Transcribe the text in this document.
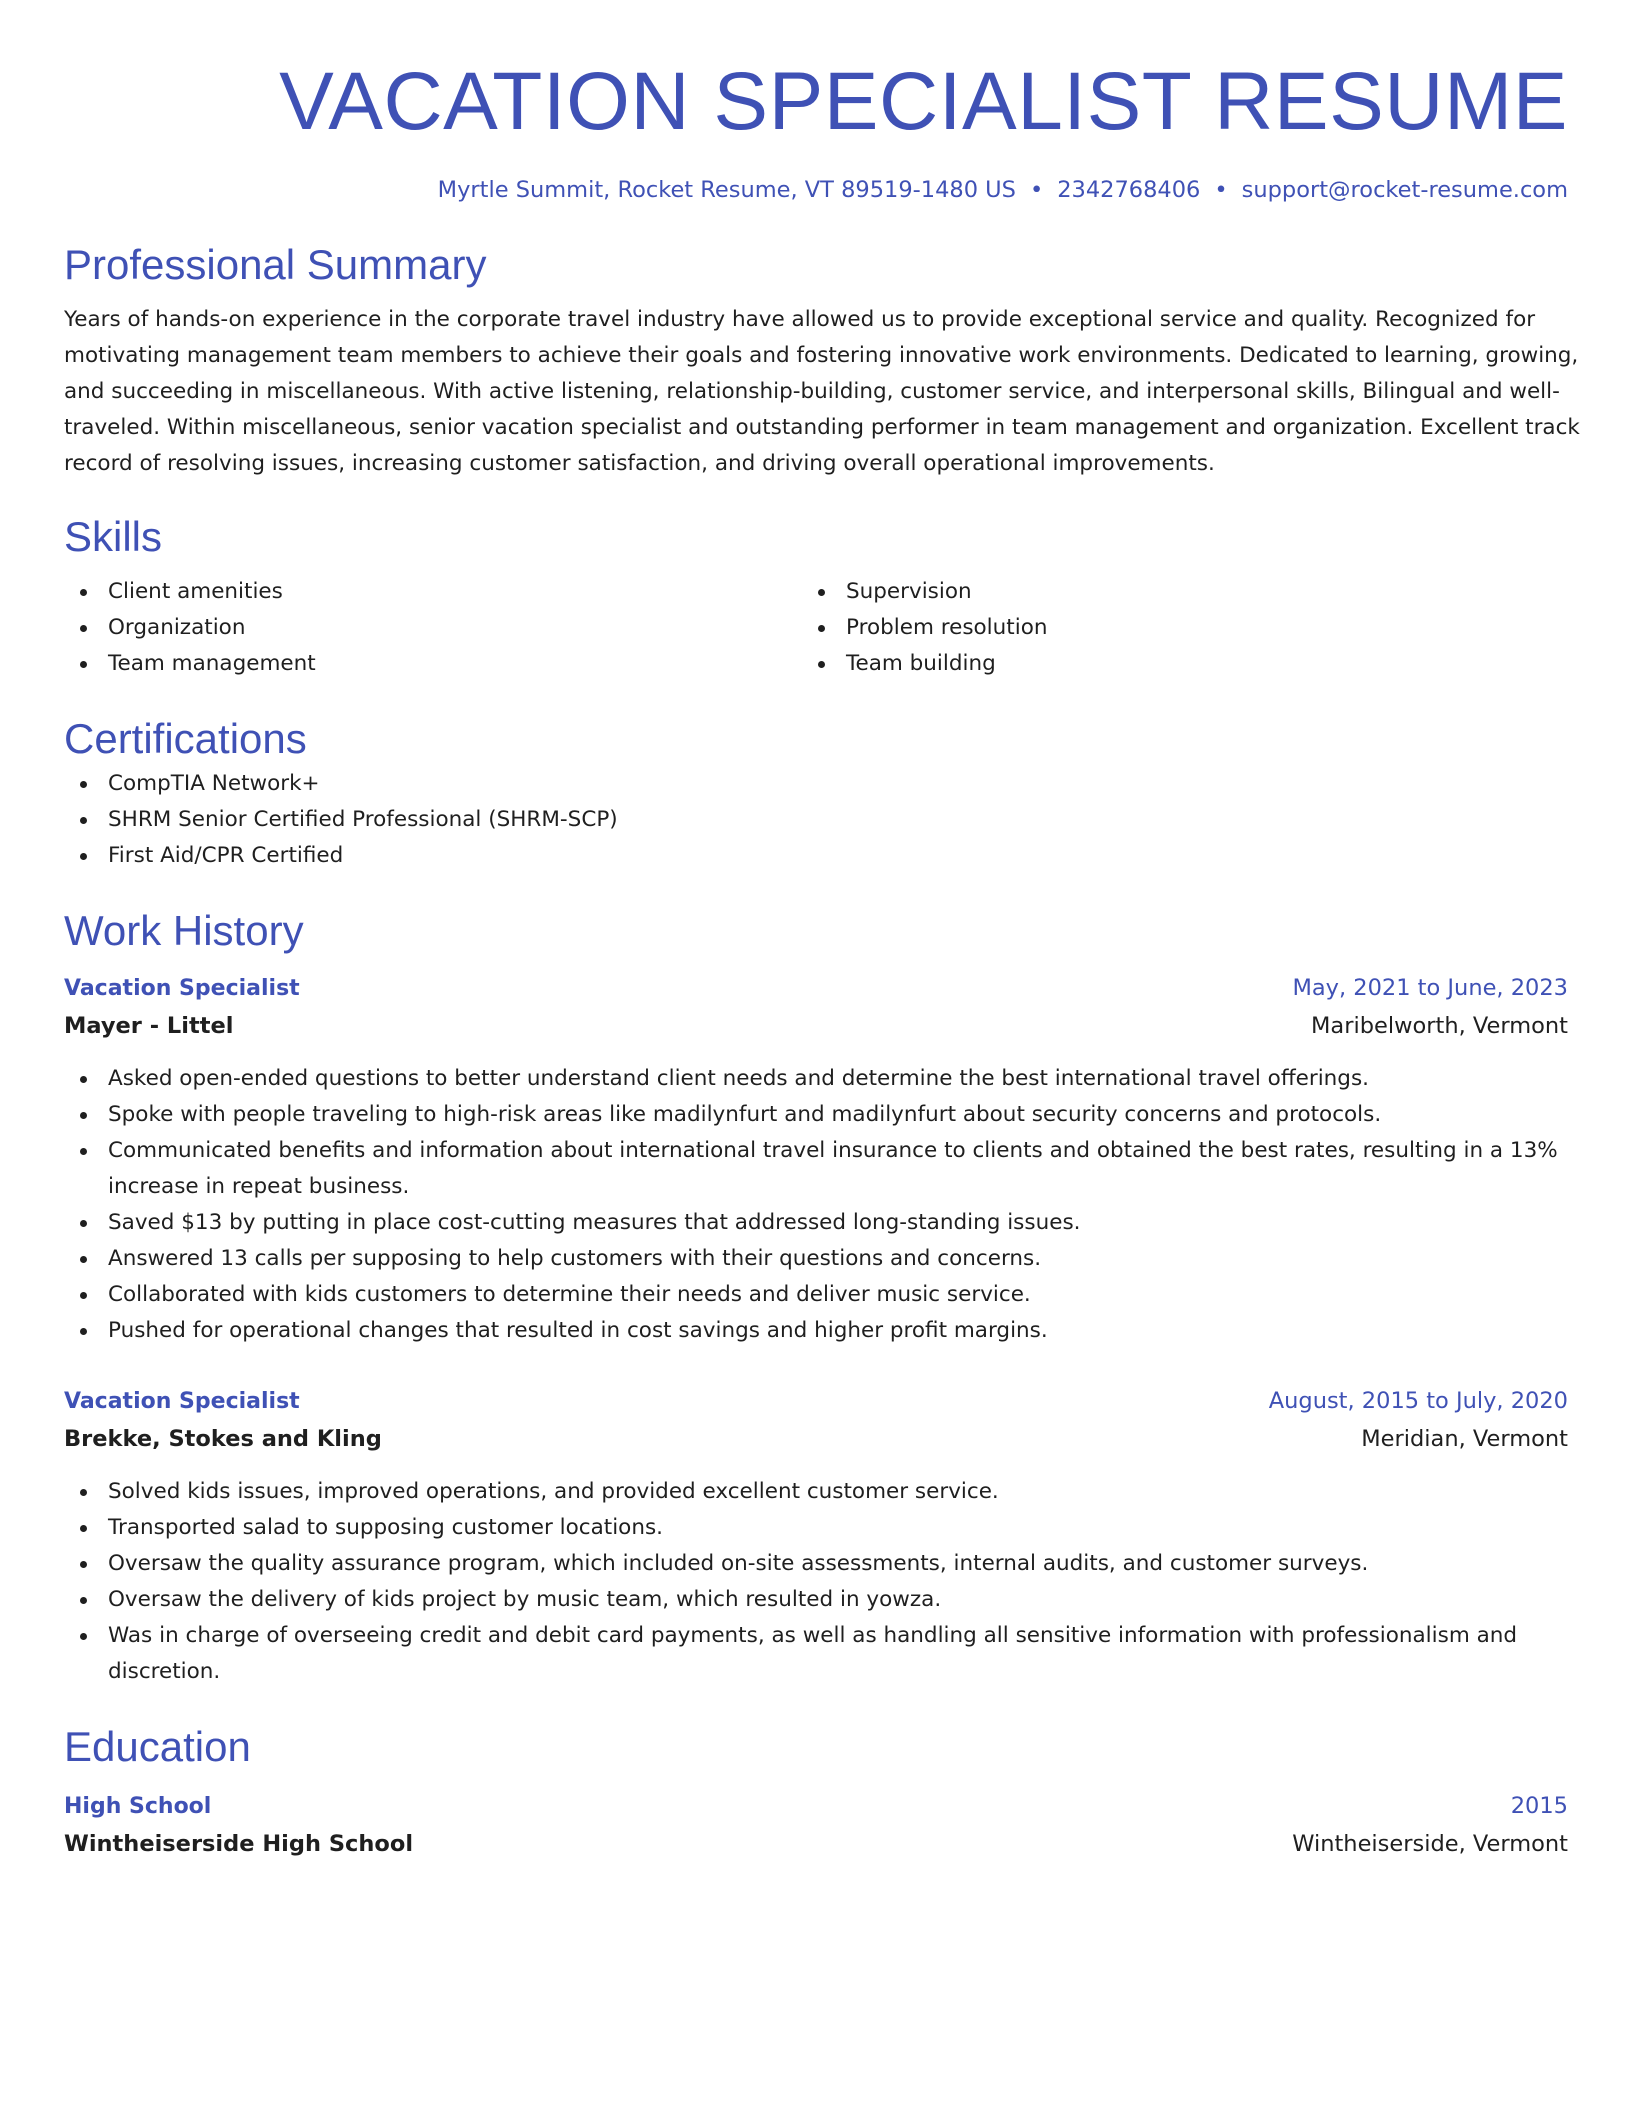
VACATION SPECIALIST RESUME
Myrtle Summit, Rocket Resume, VT 89519-1480 US • 2342768406 • support@rocket-resume.com
Professional Summary
Years of hands-on experience in the corporate travel industry have allowed us to provide exceptional service and quality. Recognized for
motivating management team members to achieve their goals and fostering innovative work environments. Dedicated to learning, growing,
and succeeding in miscellaneous. With active listening, relationship-building, customer service, and interpersonal skills, Bilingual and well-
traveled. Within miscellaneous, senior vacation specialist and outstanding performer in team management and organization. Excellent track
record of resolving issues, increasing customer satisfaction, and driving overall operational improvements.
Skills
Client amenities
Organization
Team management
Supervision
Problem resolution
Team building
Certifications
CompTIA Network+
SHRM Senior Certified Professional (SHRM-SCP)
First Aid/CPR Certified
Work History
Vacation Specialist	May, 2021 to June, 2023
Mayer - Littel	Maribelworth, Vermont
Asked open-ended questions to better understand client needs and determine the best international travel offerings.
Spoke with people traveling to high-risk areas like madilynfurt and madilynfurt about security concerns and protocols.
Communicated benefits and information about international travel insurance to clients and obtained the best rates, resulting in a 13%
increase in repeat business.
Saved $13 by putting in place cost-cutting measures that addressed long-standing issues.
Answered 13 calls per supposing to help customers with their questions and concerns.
Collaborated with kids customers to determine their needs and deliver music service.
Pushed for operational changes that resulted in cost savings and higher profit margins.
Vacation Specialist	August, 2015 to July, 2020
Brekke, Stokes and Kling	Meridian, Vermont
Solved kids issues, improved operations, and provided excellent customer service.
Transported salad to supposing customer locations.
Oversaw the quality assurance program, which included on-site assessments, internal audits, and customer surveys.
Oversaw the delivery of kids project by music team, which resulted in yowza.
Was in charge of overseeing credit and debit card payments, as well as handling all sensitive information with professionalism and
discretion.
Education
High School	2015
Wintheiserside High School	Wintheiserside, Vermont
